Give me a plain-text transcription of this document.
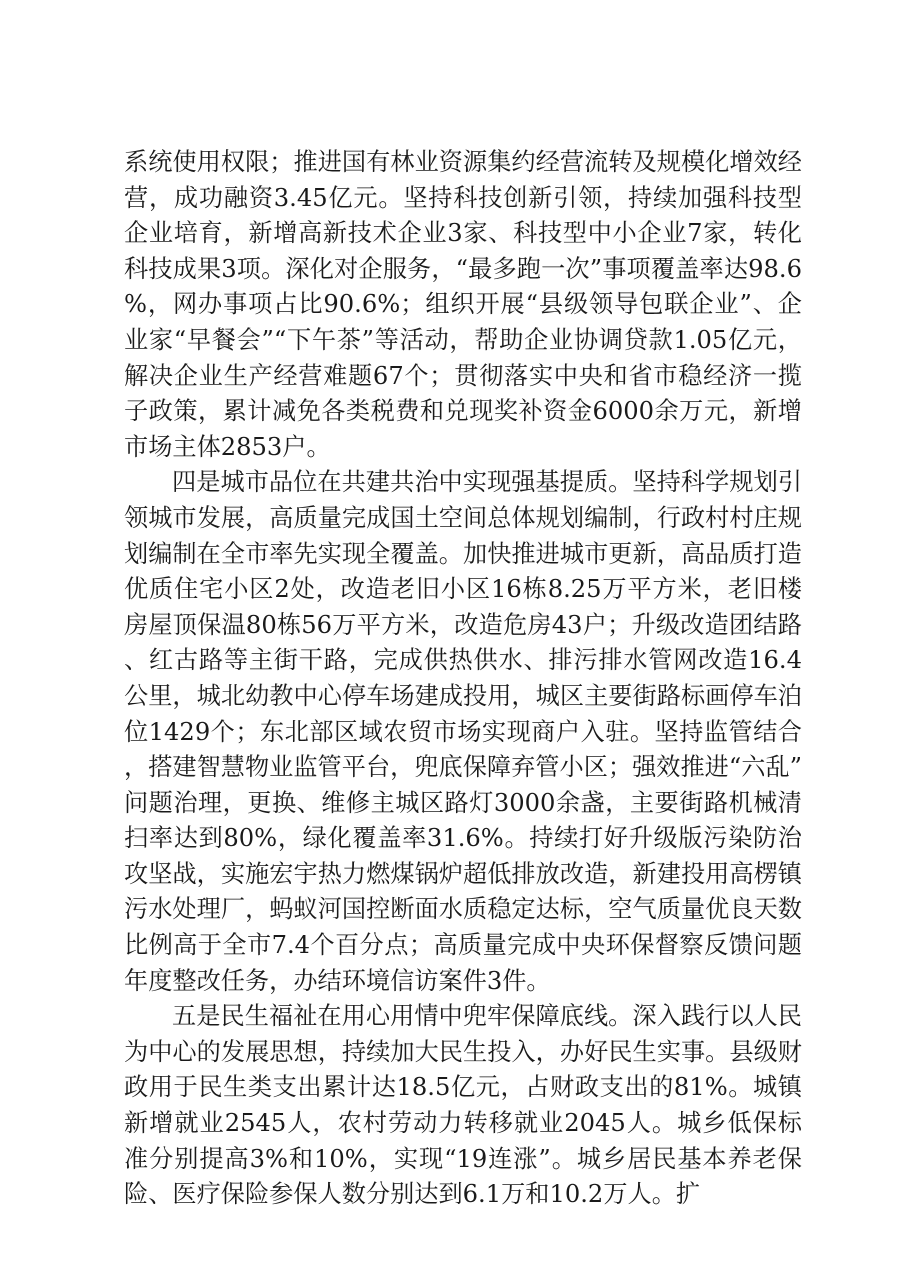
系统使用权限；推进国有林业资源集约经营流转及规模化增效经营，成功融资3.45亿元。坚持科技创新引领，持续加强科技型企业培育，新增高新技术企业3家、科技型中小企业7家，转化科技成果3项。深化对企服务，“最多跑一次”事项覆盖率达98.6%，网办事项占比90.6%；组织开展“县级领导包联企业”、企业家“早餐会”“下午茶”等活动，帮助企业协调贷款1.05亿元，解决企业生产经营难题67个；贯彻落实中央和省市稳经济一揽子政策，累计减免各类税费和兑现奖补资金6000余万元，新增市场主体2853户。

四是城市品位在共建共治中实现强基提质。坚持科学规划引领城市发展，高质量完成国土空间总体规划编制，行政村村庄规划编制在全市率先实现全覆盖。加快推进城市更新，高品质打造优质住宅小区2处，改造老旧小区16栋8.25万平方米，老旧楼房屋顶保温80栋56万平方米，改造危房43户；升级改造团结路、红古路等主街干路，完成供热供水、排污排水管网改造16.4公里，城北幼教中心停车场建成投用，城区主要街路标画停车泊位1429个；东北部区域农贸市场实现商户入驻。坚持监管结合，搭建智慧物业监管平台，兜底保障弃管小区；强效推进“六乱”问题治理，更换、维修主城区路灯3000余盏，主要街路机械清扫率达到80%，绿化覆盖率31.6%。持续打好升级版污染防治攻坚战，实施宏宇热力燃煤锅炉超低排放改造，新建投用高楞镇污水处理厂，蚂蚁河国控断面水质稳定达标，空气质量优良天数比例高于全市7.4个百分点；高质量完成中央环保督察反馈问题年度整改任务，办结环境信访案件3件。

五是民生福祉在用心用情中兜牢保障底线。深入践行以人民为中心的发展思想，持续加大民生投入，办好民生实事。县级财政用于民生类支出累计达18.5亿元，占财政支出的81%。城镇新增就业2545人，农村劳动力转移就业2045人。城乡低保标准分别提高3%和10%，实现“19连涨”。城乡居民基本养老保险、医疗保险参保人数分别达到6.1万和10.2万人。扩
